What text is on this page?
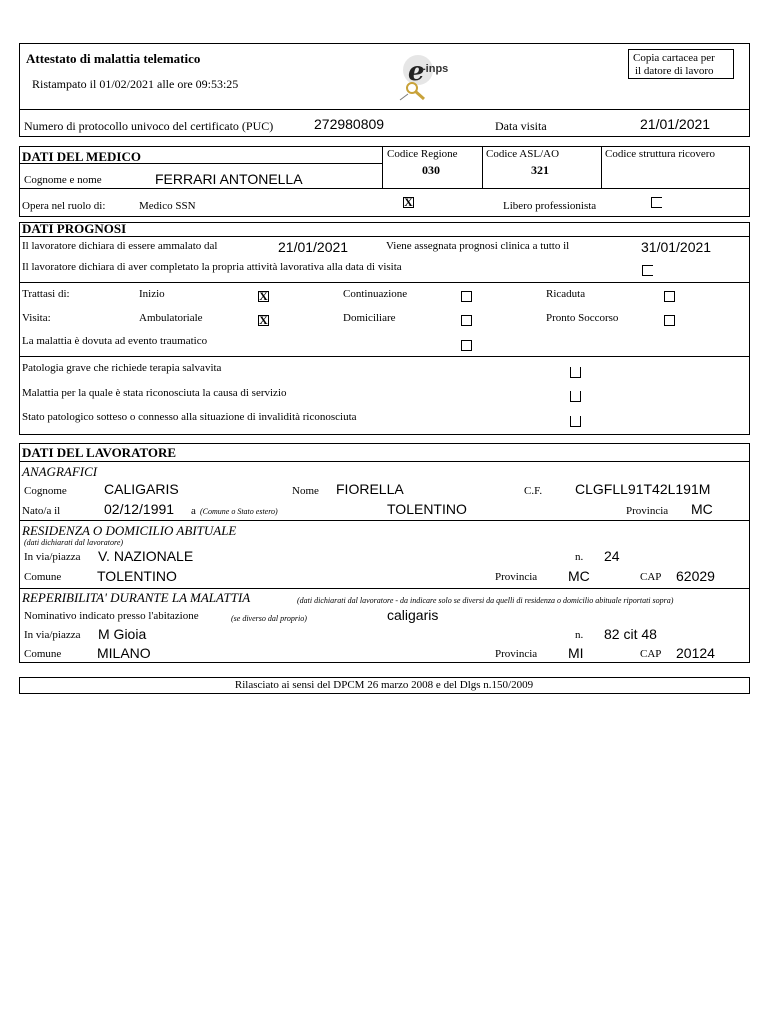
Attestato di malattia telematico
Ristampato il 01/02/2021 alle ore 09:53:25	e
-inps
Copia cartacea per
il datore di lavoro
Numero di protocollo univoco del certificato (PUC)	272980809	Data visita	21/01/2021
DATI DEL MEDICO	Codice Regione
030
Codice ASL/AO
321
Codice struttura ricovero
Cognome e nome	FERRARI ANTONELLA
Opera nel ruolo di:	Medico SSN	X	Libero professionista
DATI PROGNOSI
Il lavoratore dichiara di essere ammalato dal	21/01/2021	Viene assegnata prognosi clinica a tutto il	31/01/2021
Il lavoratore dichiara di aver completato la propria attività lavorativa alla data di visita
Trattasi di:	Inizio	X	Continuazione	Ricaduta
Visita:	Ambulatoriale	X	Domiciliare	Pronto Soccorso
La malattia è dovuta ad evento traumatico
Patologia grave che richiede terapia salvavita
Malattia per la quale è stata riconosciuta la causa di servizio
Stato patologico sotteso o connesso alla situazione di invalidità riconosciuta
DATI DEL LAVORATORE
ANAGRAFICI
Cognome	CALIGARIS	Nome FIORELLA	C.F. CLGFLL91T42L191M
Nato/a il	02/12/1991 a (Comune o Stato estero)	TOLENTINO	Provincia MC
RESIDENZA O DOMICILIO ABITUALE
(dati dichiarati dal lavoratore)
In via/piazza V. NAZIONALE	n. 24
Comune	TOLENTINO	Provincia MC	CAP 62029
REPERIBILITA' DURANTE LA MALATTIA	(dati dichiarati dal lavoratore - da indicare solo se diversi da quelli di residenza o domicilio abituale riportati sopra)
Nominativo indicato presso l'abitazione	(se diverso dal proprio)	caligaris
In via/piazza M Gioia	n. 82 cit 48
Comune	MILANO	Provincia MI	CAP 20124
Rilasciato ai sensi del DPCM 26 marzo 2008 e del Dlgs n.150/2009
